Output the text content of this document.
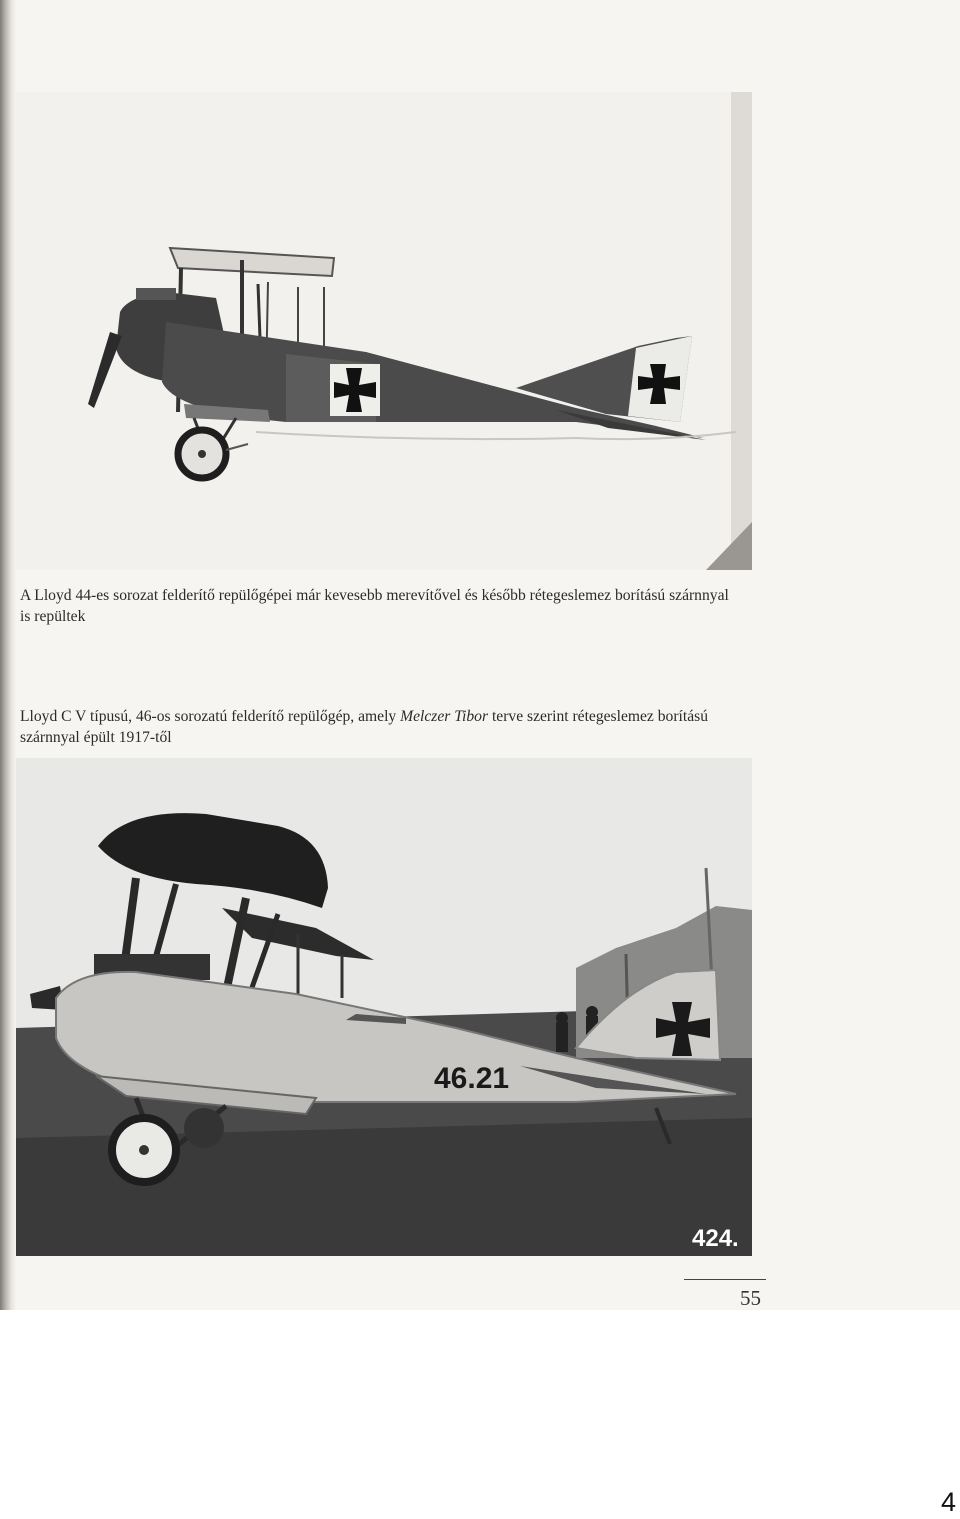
A Lloyd 44-es sorozat felderítő repülőgépei már kevesebb merevítővel és később rétegeslemez borítású szárnnyal is repültek

Lloyd C V típusú, 46-os sorozatú felderítő repülőgép, amely Melczer Tibor terve szerint rétegeslemez borítású szárnnyal épült 1917-től

46.21
424.
55
4
